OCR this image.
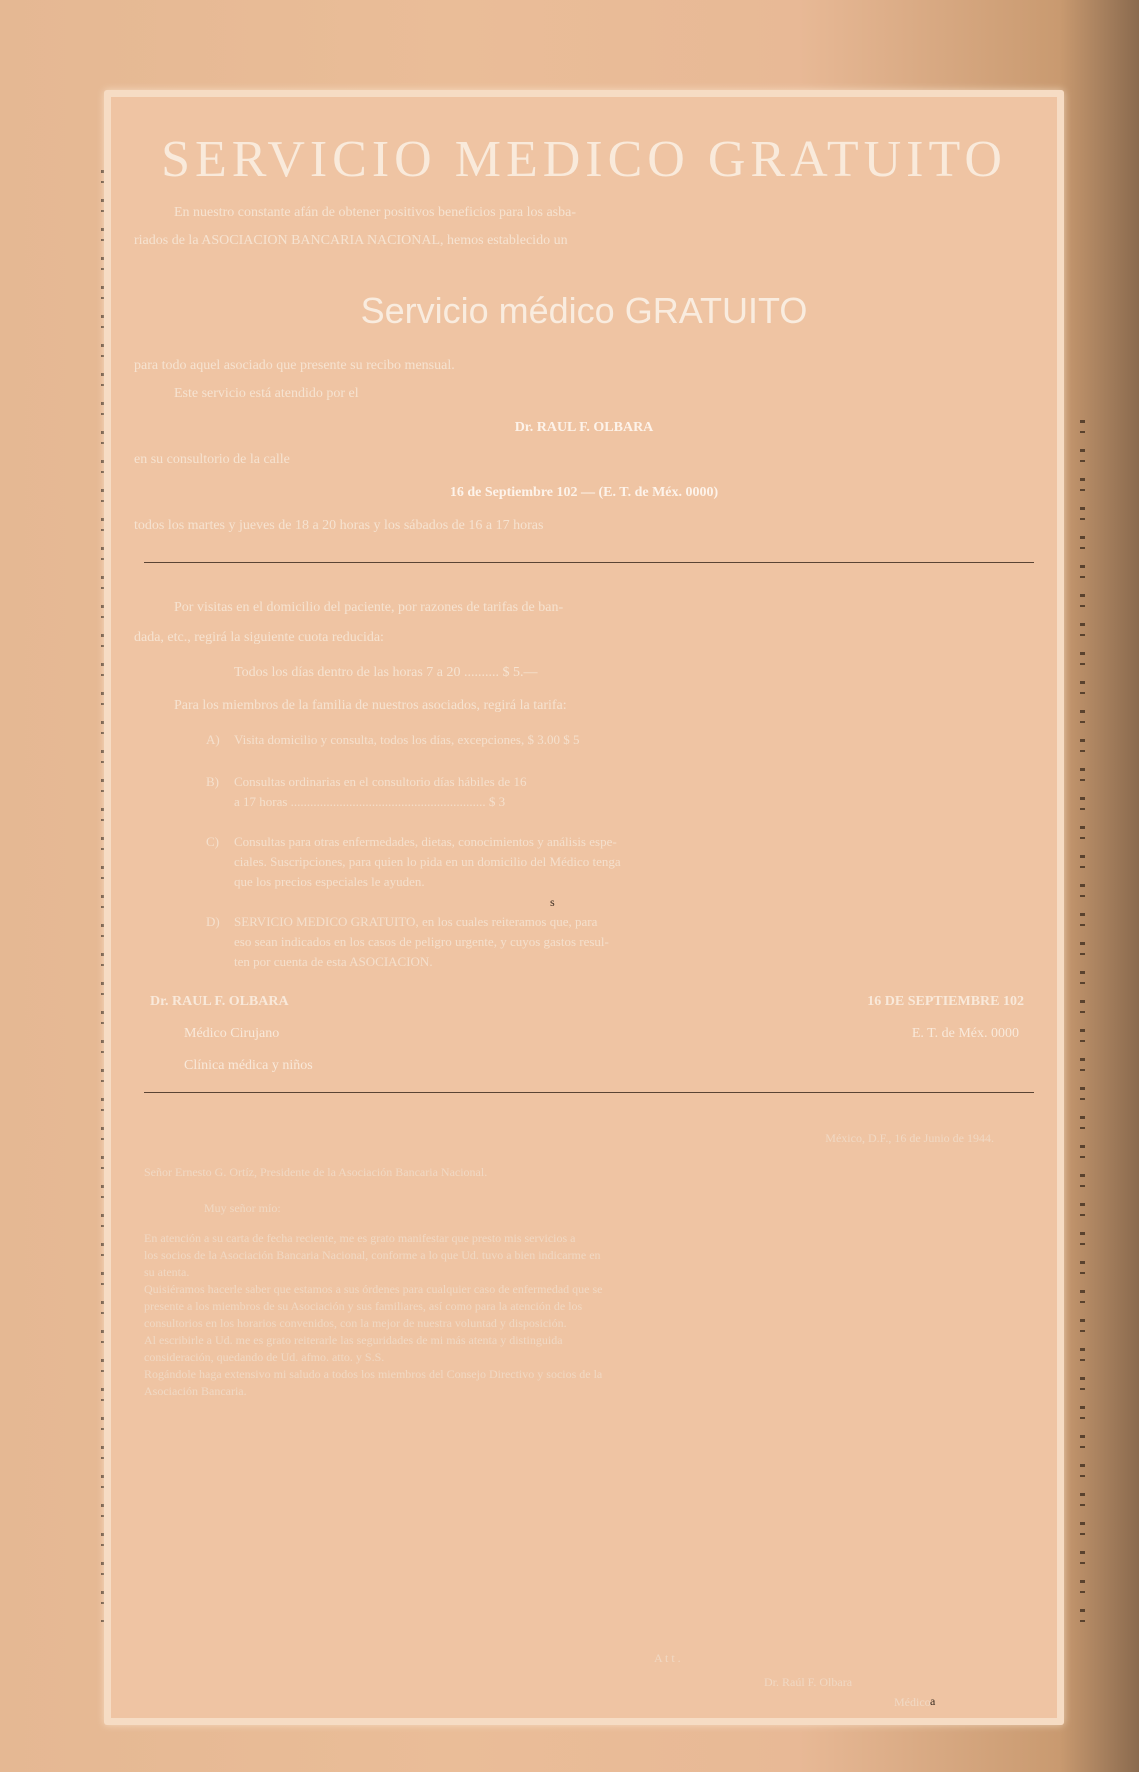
SERVICIO MEDICO GRATUITO
En nuestro constante afán de obtener positivos beneficios para los asba-
riados de la ASOCIACION BANCARIA NACIONAL, hemos establecido un
Servicio médico GRATUITO
para todo aquel asociado que presente su recibo mensual.
Este servicio está atendido por el
Dr. RAUL F. OLBARA
en su consultorio de la calle
16 de Septiembre 102 — (E. T. de Méx. 0000)
todos los martes y jueves de 18 a 20 horas y los sábados de 16 a 17 horas
Por visitas en el domicilio del paciente, por razones de tarifas de ban-
dada, etc., regirá la siguiente cuota reducida:
Todos los días dentro de las horas 7 a 20 .......... $ 5.—
Para los miembros de la familia de nuestros asociados, regirá la tarifa:
A) Visita domicilio y consulta, todos los días, excepciones, $ 3.00 $ 5
B) Consultas ordinarias en el consultorio días hábiles de 16
a 17 horas ............................................................ $ 3
C) Consultas para otras enfermedades, dietas, conocimientos y análisis espe-
ciales. Suscripciones, para quien lo pida en un domicilio del Médico tenga
que los precios especiales le ayuden.
D) SERVICIO MEDICO GRATUITO, en los cuales reiteramos que, para
eso sean indicados en los casos de peligro urgente, y cuyos gastos resul-
ten por cuenta de esta ASOCIACION.
Dr. RAUL F. OLBARA
Médico Cirujano
Clínica médica y niños
16 DE SEPTIEMBRE 102
E. T. de Méx. 0000
México, D.F., 16 de Junio de 1944.
Señor Ernesto G. Ortíz, Presidente de la Asociación Bancaria Nacional.
Muy señor mío:
En atención a su carta de fecha reciente, me es grato manifestar que presto mis servicios a
los socios de la Asociación Bancaria Nacional, conforme a lo que Ud. tuvo a bien indicarme en
su atenta.
Quisiéramos hacerle saber que estamos a sus órdenes para cualquier caso de enfermedad que se
presente a los miembros de su Asociación y sus familiares, así como para la atención de los
consultorios en los horarios convenidos, con la mejor de nuestra voluntad y disposición.
Al escribirle a Ud. me es grato reiterarle las seguridades de mi más atenta y distinguida
consideración, quedando de Ud. afmo. atto. y S.S.
Rogándole haga extensivo mi saludo a todos los miembros del Consejo Directivo y socios de la
Asociación Bancaria.
A t t .
Dr. Raúl F. Olbara
Médico a
s
